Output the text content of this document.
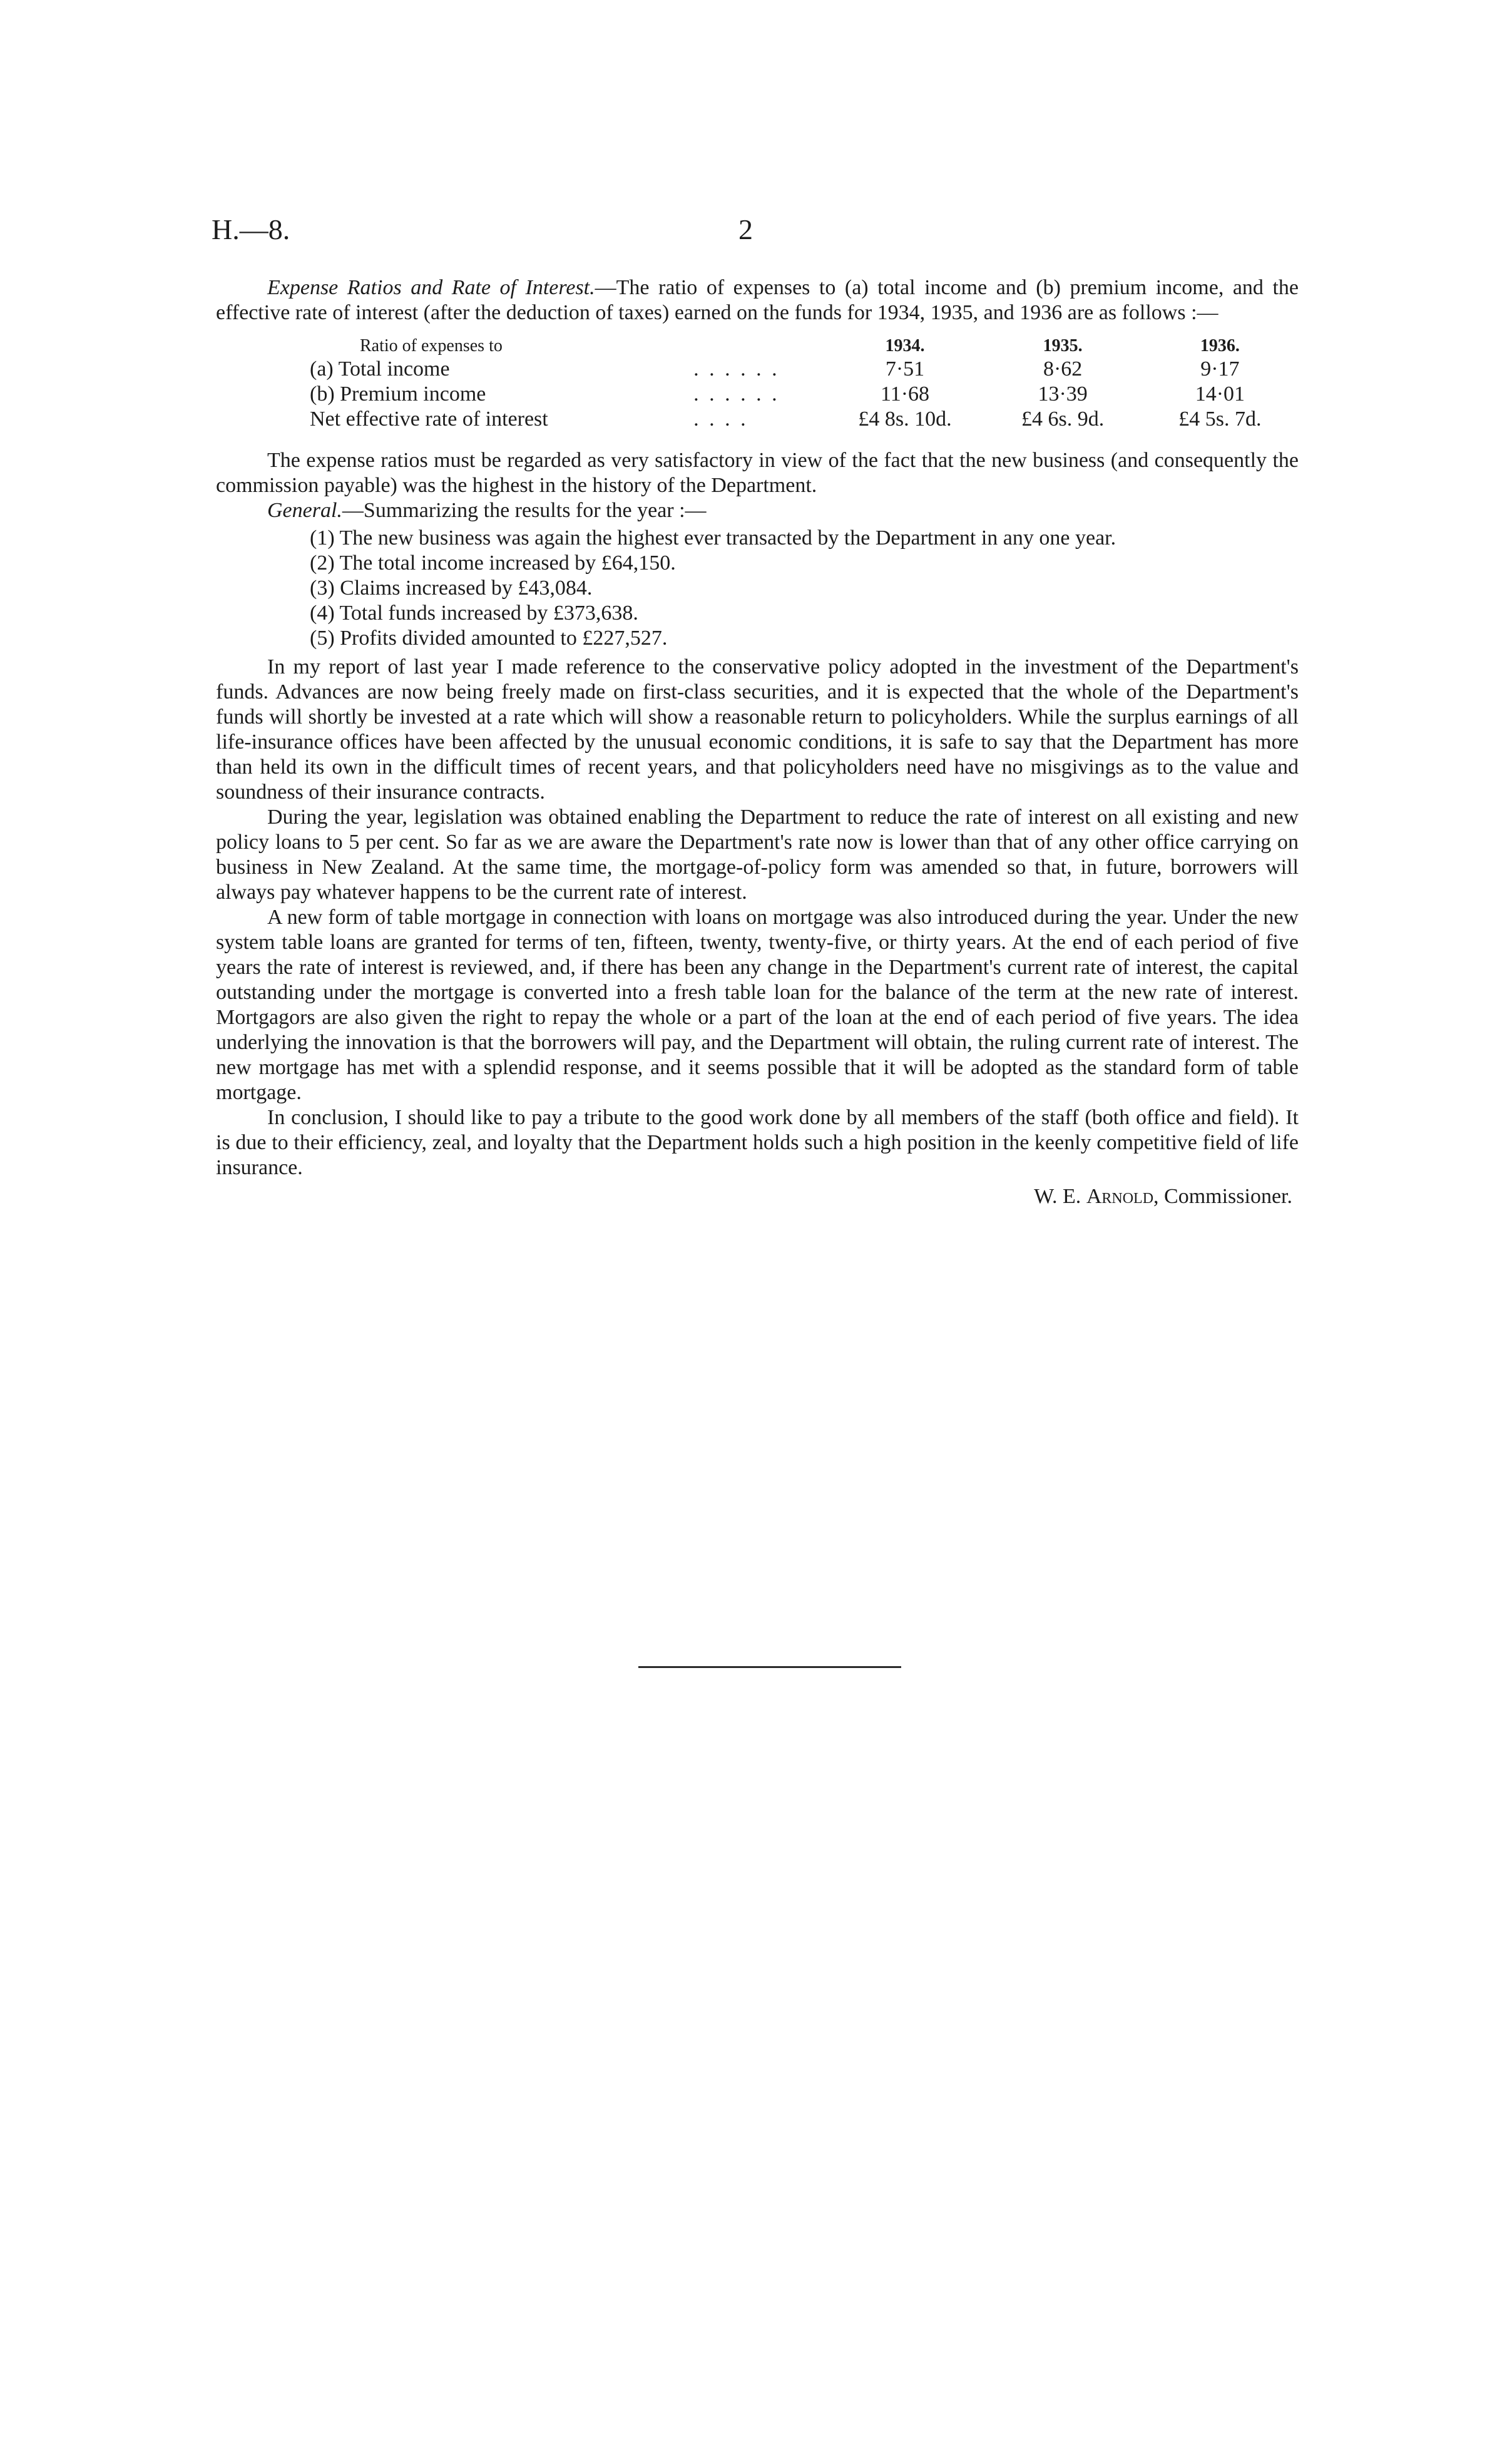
H.—8.	2

Expense Ratios and Rate of Interest.—The ratio of expenses to (a) total income and (b) premium income, and the effective rate of interest (after the deduction of taxes) earned on the funds for 1934, 1935, and 1936 are as follows :—

Ratio of expenses to		1934.	1935.	1936.
(a) Total income	. . . . . .	7·51	8·62	9·17
(b) Premium income	. . . . . .	11·68	13·39	14·01
Net effective rate of interest	. . . .	£4 8s. 10d.	£4 6s. 9d.	£4 5s. 7d.

The expense ratios must be regarded as very satisfactory in view of the fact that the new business (and consequently the commission payable) was the highest in the history of the Department.

General.—Summarizing the results for the year :—

(1) The new business was again the highest ever transacted by the Department in any one year.
(2) The total income increased by £64,150.
(3) Claims increased by £43,084.
(4) Total funds increased by £373,638.
(5) Profits divided amounted to £227,527.

In my report of last year I made reference to the conservative policy adopted in the investment of the Department's funds. Advances are now being freely made on first-class securities, and it is expected that the whole of the Department's funds will shortly be invested at a rate which will show a reasonable return to policyholders. While the surplus earnings of all life-insurance offices have been affected by the unusual economic conditions, it is safe to say that the Department has more than held its own in the difficult times of recent years, and that policyholders need have no misgivings as to the value and soundness of their insurance contracts.

During the year, legislation was obtained enabling the Department to reduce the rate of interest on all existing and new policy loans to 5 per cent. So far as we are aware the Department's rate now is lower than that of any other office carrying on business in New Zealand. At the same time, the mortgage-of-policy form was amended so that, in future, borrowers will always pay whatever happens to be the current rate of interest.

A new form of table mortgage in connection with loans on mortgage was also introduced during the year. Under the new system table loans are granted for terms of ten, fifteen, twenty, twenty-five, or thirty years. At the end of each period of five years the rate of interest is reviewed, and, if there has been any change in the Department's current rate of interest, the capital outstanding under the mortgage is converted into a fresh table loan for the balance of the term at the new rate of interest. Mortgagors are also given the right to repay the whole or a part of the loan at the end of each period of five years. The idea underlying the innovation is that the borrowers will pay, and the Department will obtain, the ruling current rate of interest. The new mortgage has met with a splendid response, and it seems possible that it will be adopted as the standard form of table mortgage.

In conclusion, I should like to pay a tribute to the good work done by all members of the staff (both office and field). It is due to their efficiency, zeal, and loyalty that the Department holds such a high position in the keenly competitive field of life insurance.

W. E. Arnold, Commissioner.
